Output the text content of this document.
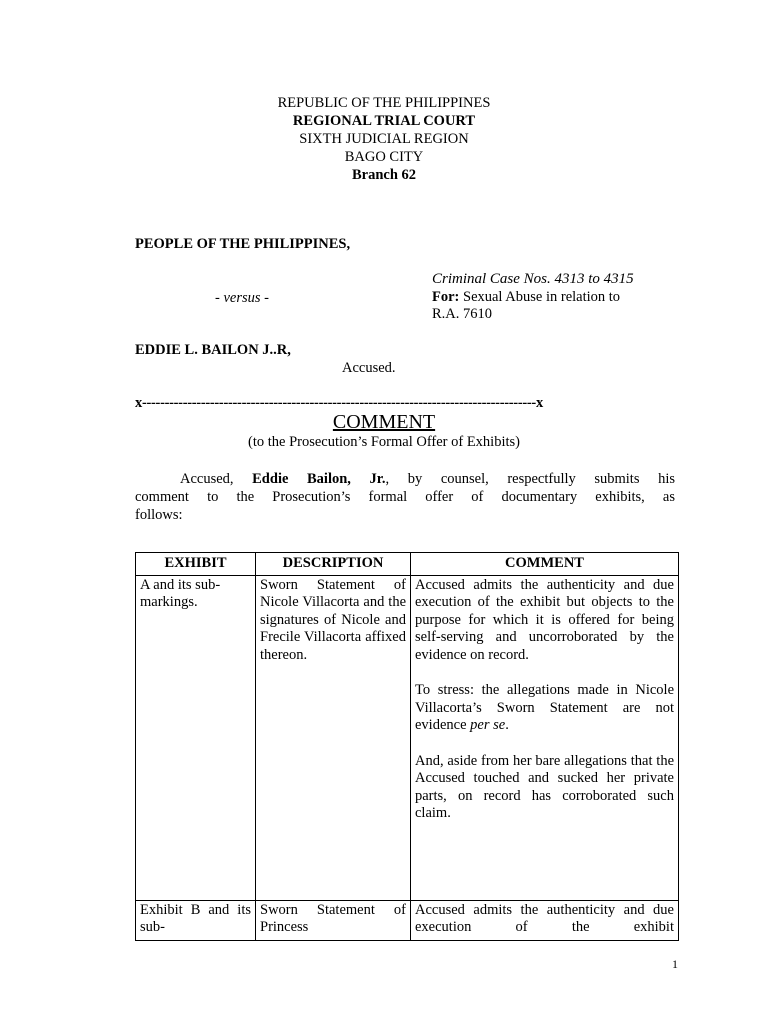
REPUBLIC OF THE PHILIPPINES
REGIONAL TRIAL COURT
SIXTH JUDICIAL REGION
BAGO CITY
Branch 62
PEOPLE OF THE PHILIPPINES,
Criminal Case Nos. 4313 to 4315
- versus -	For: Sexual Abuse in relation to
R.A. 7610
EDDIE L. BAILON J..R,
Accused.
x---------------------------------------------------------------------------------------x
COMMENT
(to the Prosecution’s Formal Offer of Exhibits)
Accused, Eddie Bailon, Jr., by counsel, respectfully submits his
comment to the Prosecution’s formal offer of documentary exhibits, as
follows:
EXHIBIT	DESCRIPTION	COMMENT
A and its sub-markings.	Sworn Statement of Nicole Villacorta and the signatures of Nicole and Frecile Villacorta affixed thereon.	Accused admits the authenticity and due execution of the exhibit but objects to the purpose for which it is offered for being self-serving and uncorroborated by the evidence on record.
To stress: the allegations made in Nicole Villacorta’s Sworn Statement are not evidence per se.
And, aside from her bare allegations that the Accused touched and sucked her private parts, on record has corroborated such claim.

Exhibit B and its sub-	Sworn Statement of Princess	Accused admits the authenticity and due execution of the exhibit
1
